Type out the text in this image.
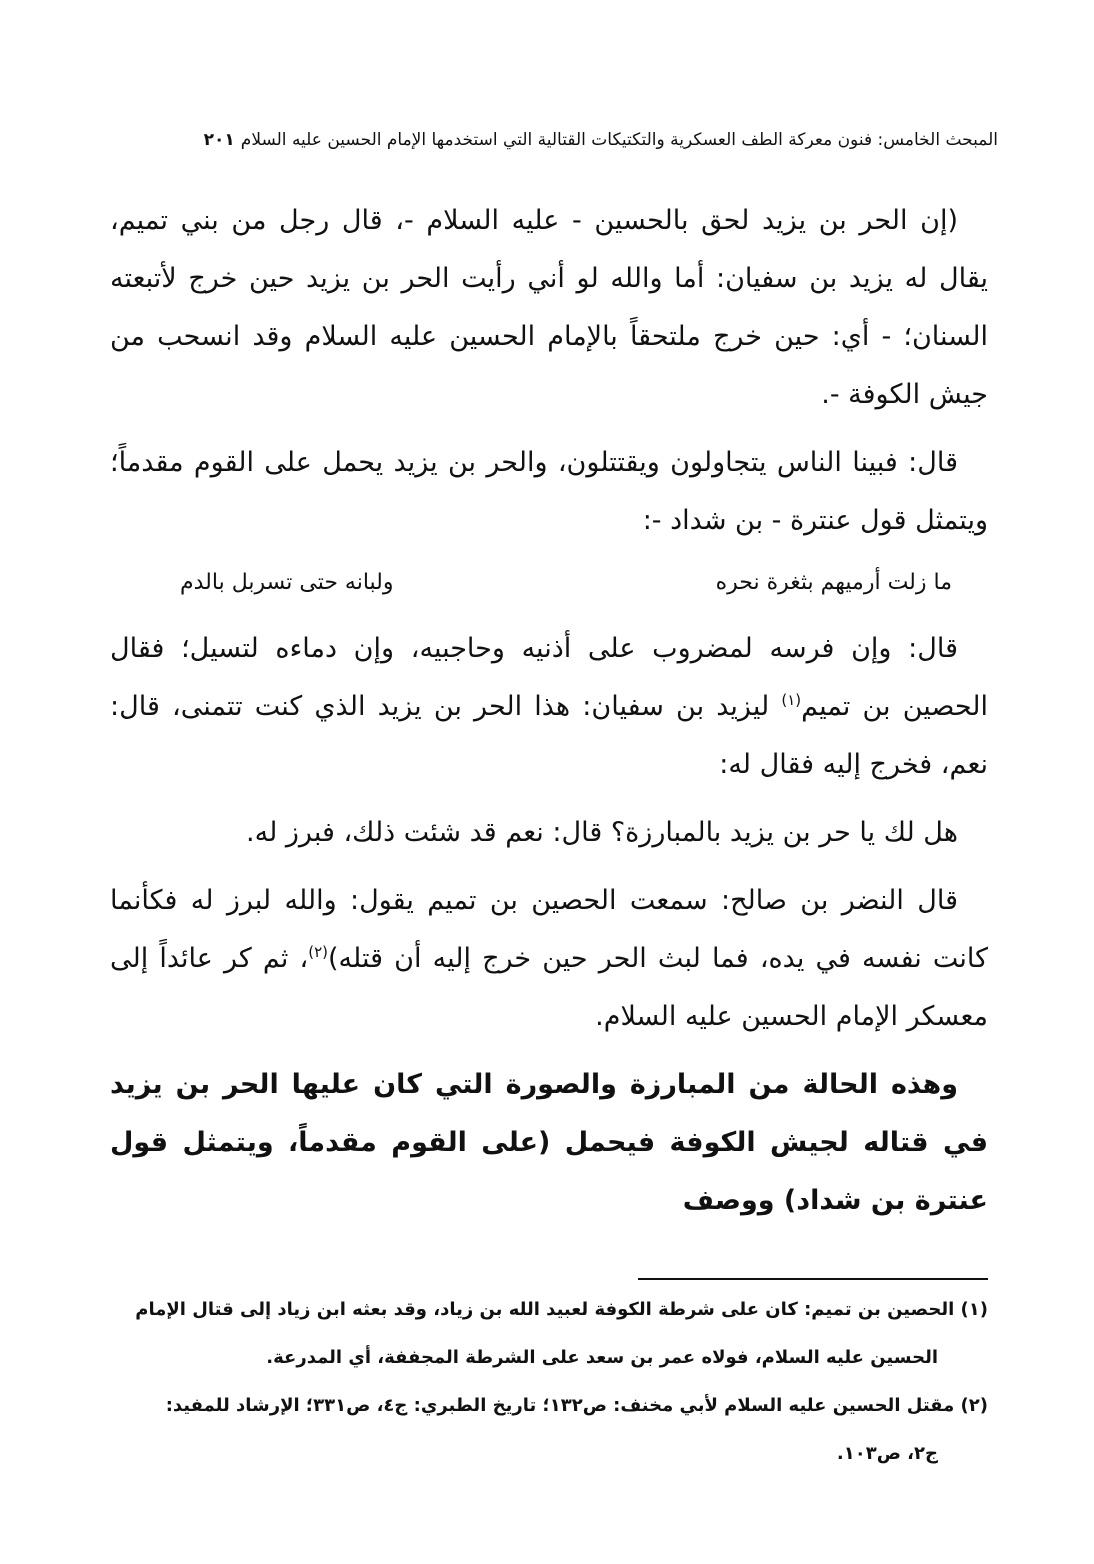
المبحث الخامس: فنون معركة الطف العسكرية والتكتيكات القتالية التي استخدمها الإمام الحسين عليه السلام٢٠١

(إن الحر بن يزيد لحق بالحسين - عليه السلام -، قال رجل من بني تميم، يقال له يزيد بن سفيان: أما والله لو أني رأيت الحر بن يزيد حين خرج لأتبعته السنان؛ - أي: حين خرج ملتحقاً بالإمام الحسين عليه السلام وقد انسحب من جيش الكوفة -.

قال: فبينا الناس يتجاولون ويقتتلون، والحر بن يزيد يحمل على القوم مقدماً؛ ويتمثل قول عنترة - بن شداد -:

ما زلت أرميهم بثغرة نحره
ولبانه حتى تسربل بالدم

قال: وإن فرسه لمضروب على أذنيه وحاجبيه، وإن دماءه لتسيل؛ فقال الحصين بن تميم$^{(١)}$ ليزيد بن سفيان: هذا الحر بن يزيد الذي كنت تتمنى، قال: نعم، فخرج إليه فقال له:

هل لك يا حر بن يزيد بالمبارزة؟ قال: نعم قد شئت ذلك، فبرز له.

قال النضر بن صالح: سمعت الحصين بن تميم يقول: والله لبرز له فكأنما كانت نفسه في يده، فما لبث الحر حين خرج إليه أن قتله)$^{(٢)}$، ثم كر عائداً إلى معسكر الإمام الحسين عليه السلام.

وهذه الحالة من المبارزة والصورة التي كان عليها الحر بن يزيد في قتاله لجيش الكوفة فيحمل (على القوم مقدماً، ويتمثل قول عنترة بن شداد) ووصف

(١) الحصين بن تميم: كان على شرطة الكوفة لعبيد الله بن زياد، وقد بعثه ابن زياد إلى قتال الإمام

الحسين عليه السلام، فولاه عمر بن سعد على الشرطة المجففة، أي المدرعة.

(٢) مقتل الحسين عليه السلام لأبي مخنف: ص١٣٢؛ تاريخ الطبري: ج٤، ص٣٣١؛ الإرشاد للمفيد:

ج٢، ص١٠٣.
